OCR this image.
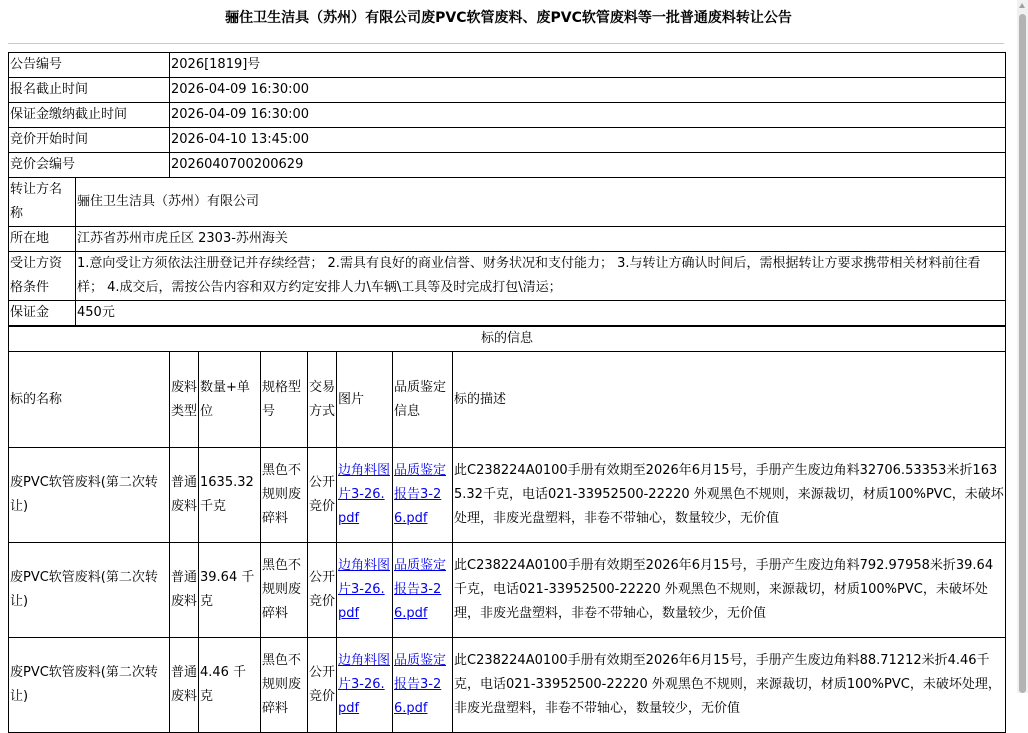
骊住卫生洁具（苏州）有限公司废PVC软管废料、废PVC软管废料等一批普通废料转让公告
公告编号	2026[1819]号
报名截止时间	2026-04-09 16:30:00
保证金缴纳截止时间	2026-04-09 16:30:00
竞价开始时间	2026-04-10 13:45:00
竞价会编号	2026040700200629
转让方名称	骊住卫生洁具（苏州）有限公司
所在地	江苏省苏州市虎丘区 2303-苏州海关
受让方资格条件	1.意向受让方须依法注册登记并存续经营； 2.需具有良好的商业信誉、财务状况和支付能力； 3.与转让方确认时间后，需根据转让方要求携带相关材料前往看样； 4.成交后，需按公告内容和双方约定安排人力\车辆\工具等及时完成打包\清运；
保证金	450元
标的信息							
标的名称	废料类型	数量+单位	规格型号	交易方式	图片	品质鉴定信息	标的描述
废PVC软管废料(第二次转让)	普通废料	1635.32千克	黑色不规则废碎料	公开竞价	边角料图片3-26.pdf	品质鉴定报告3-26.pdf	此C238224A0100手册有效期至2026年6月15号，手册产生废边角料32706.53353米折1635.32千克，电话021-33952500-22220 外观黑色不规则，来源裁切，材质100%PVC，未破坏处理，非废光盘塑料，非卷不带轴心，数量较少，无价值
废PVC软管废料(第二次转让)	普通废料	39.64 千克	黑色不规则废碎料	公开竞价	边角料图片3-26.pdf	品质鉴定报告3-26.pdf	此C238224A0100手册有效期至2026年6月15号，手册产生废边角料792.97958米折39.64千克，电话021-33952500-22220 外观黑色不规则，来源裁切，材质100%PVC，未破坏处理，非废光盘塑料，非卷不带轴心，数量较少，无价值
废PVC软管废料(第二次转让)	普通废料	4.46 千克	黑色不规则废碎料	公开竞价	边角料图片3-26.pdf	品质鉴定报告3-26.pdf	此C238224A0100手册有效期至2026年6月15号，手册产生废边角料88.71212米折4.46千克，电话021-33952500-22220 外观黑色不规则，来源裁切，材质100%PVC，未破坏处理，非废光盘塑料，非卷不带轴心，数量较少，无价值
